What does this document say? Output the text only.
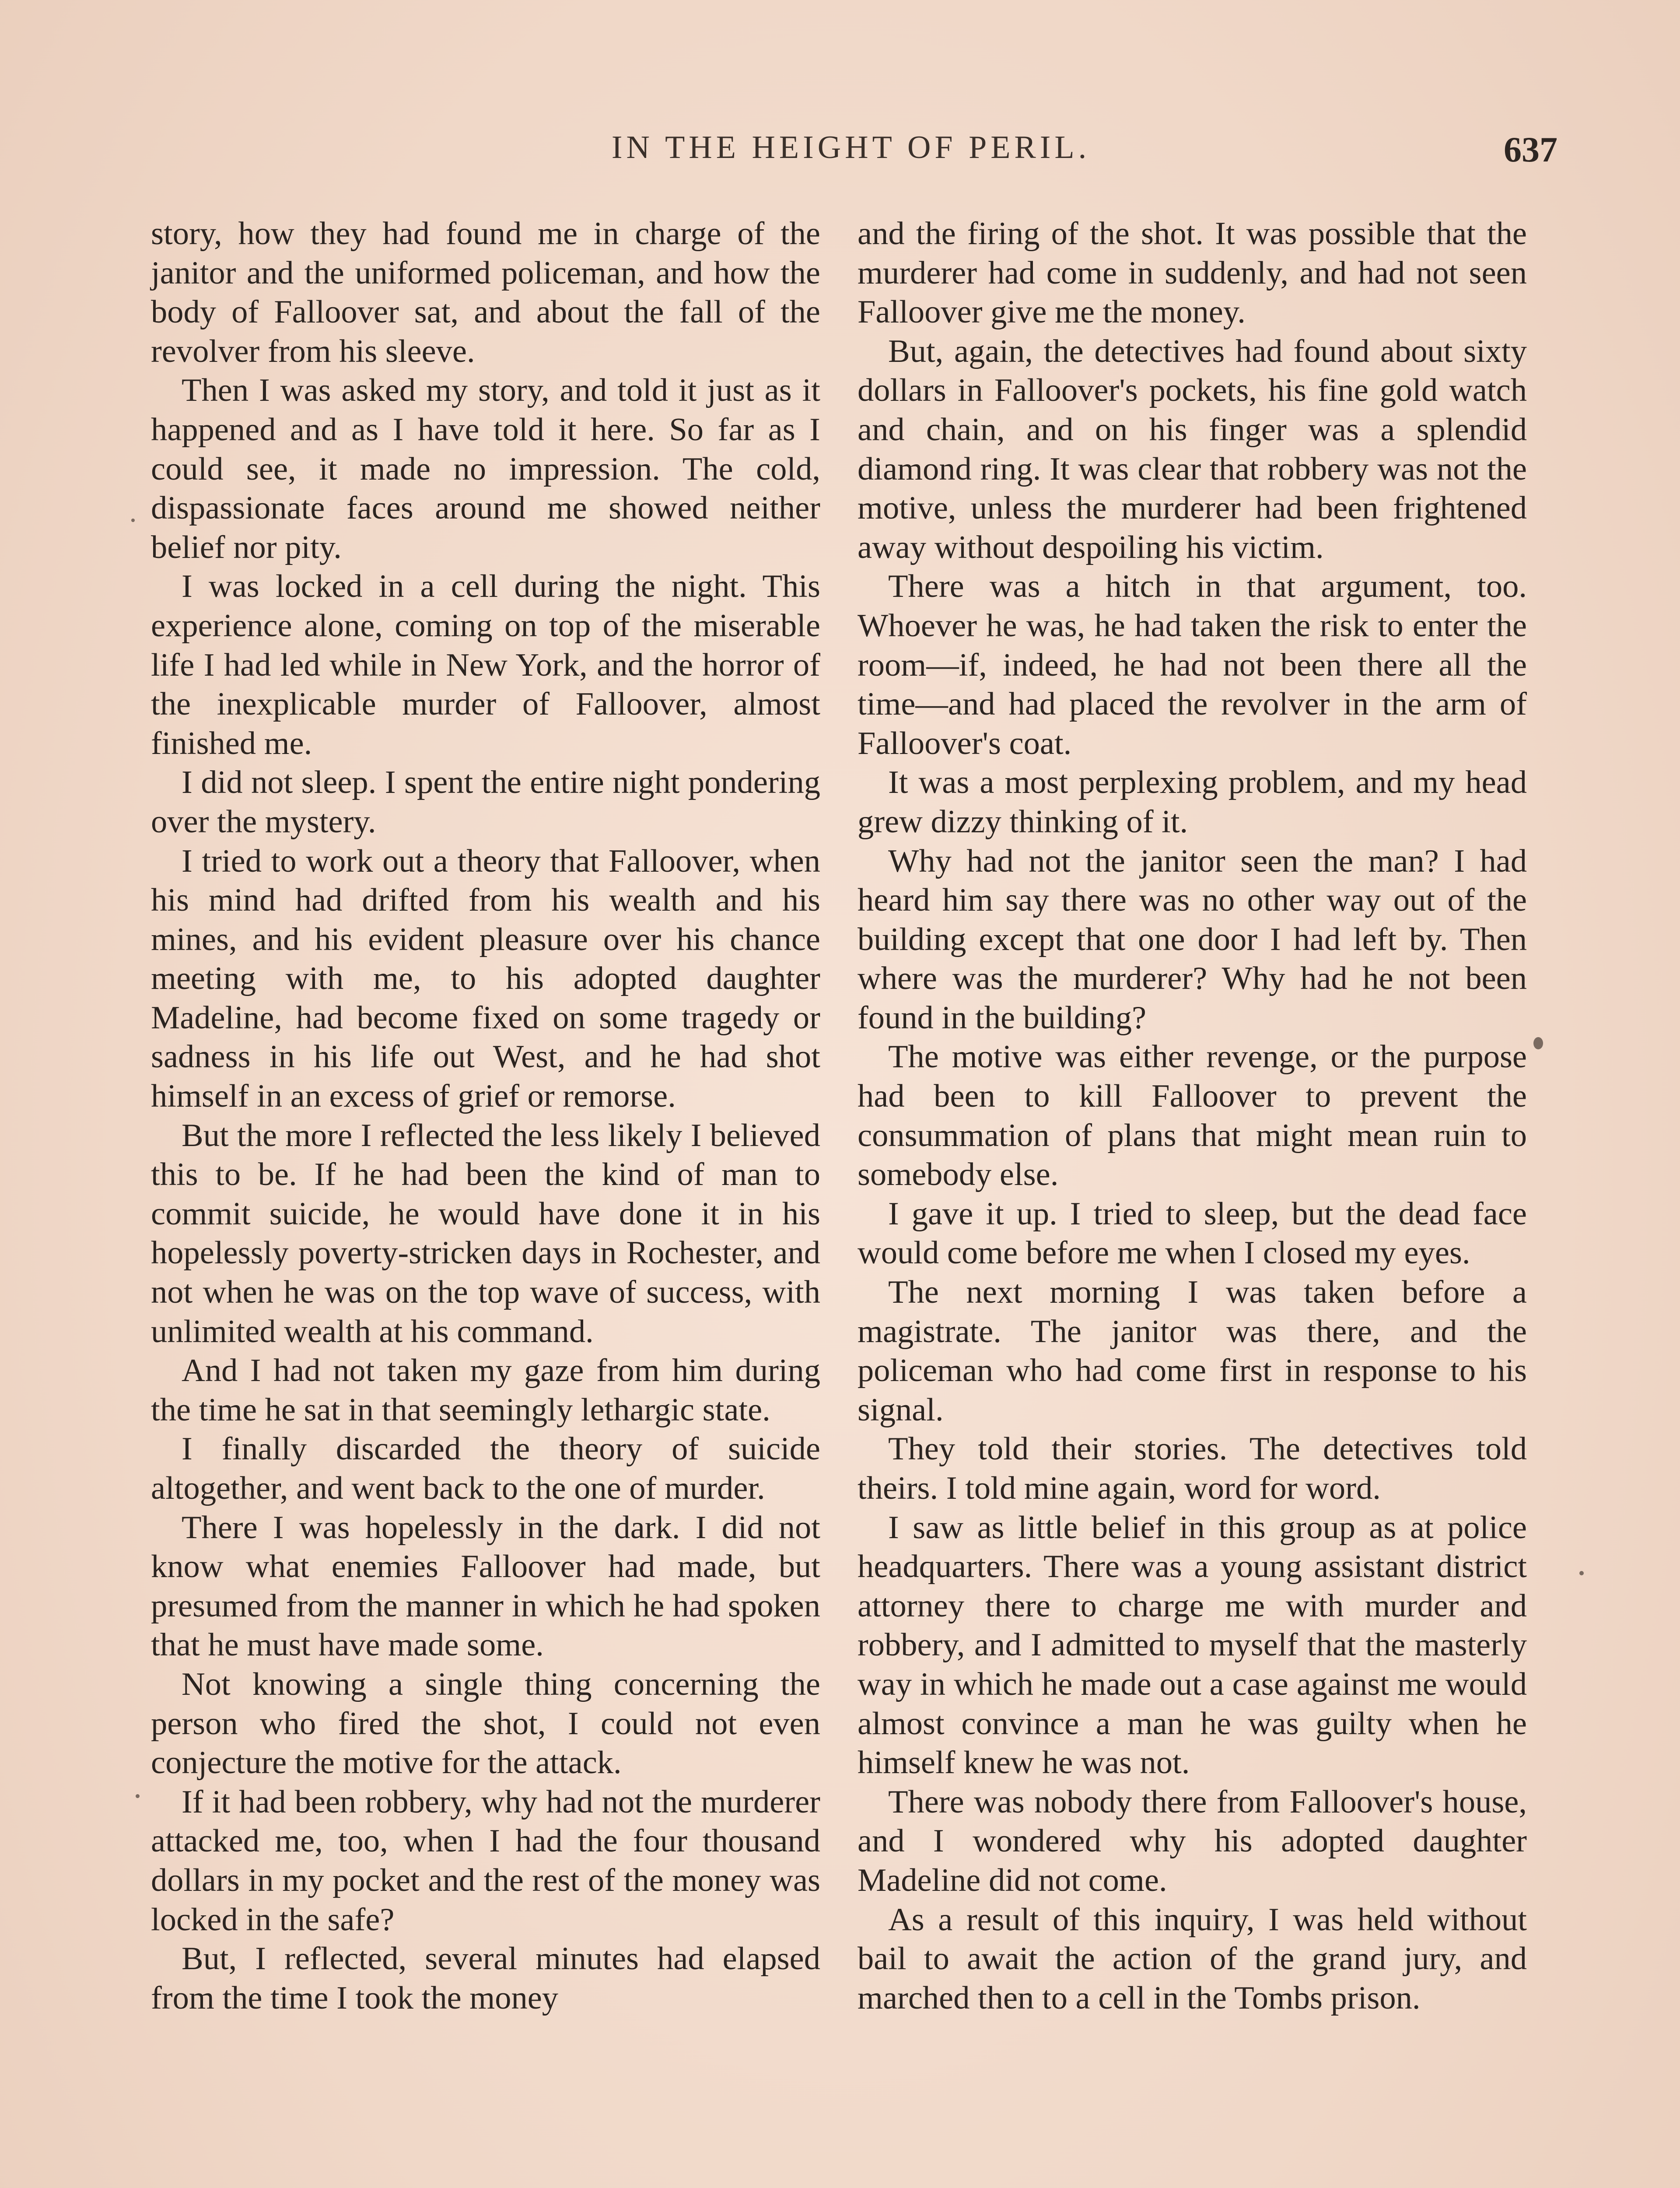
IN THE HEIGHT OF PERIL.	637

story, how they had found me in charge of the janitor and the uniformed policeman, and how the body of Falloover sat, and about the fall of the revolver from his sleeve.

Then I was asked my story, and told it just as it happened and as I have told it here. So far as I could see, it made no impression. The cold, dispassionate faces around me showed neither belief nor pity.

I was locked in a cell during the night. This experience alone, coming on top of the miserable life I had led while in New York, and the horror of the inexplicable murder of Falloover, almost finished me.

I did not sleep. I spent the entire night pondering over the mystery.

I tried to work out a theory that Falloover, when his mind had drifted from his wealth and his mines, and his evident pleasure over his chance meeting with me, to his adopted daughter Madeline, had become fixed on some tragedy or sadness in his life out West, and he had shot himself in an excess of grief or remorse.

But the more I reflected the less likely I believed this to be. If he had been the kind of man to commit suicide, he would have done it in his hopelessly poverty-stricken days in Rochester, and not when he was on the top wave of success, with unlimited wealth at his command.

And I had not taken my gaze from him during the time he sat in that seemingly lethargic state.

I finally discarded the theory of suicide altogether, and went back to the one of murder.

There I was hopelessly in the dark. I did not know what enemies Falloover had made, but presumed from the manner in which he had spoken that he must have made some.

Not knowing a single thing concerning the person who fired the shot, I could not even conjecture the motive for the attack.

If it had been robbery, why had not the murderer attacked me, too, when I had the four thousand dollars in my pocket and the rest of the money was locked in the safe?

But, I reflected, several minutes had elapsed from the time I took the money

and the firing of the shot. It was possible that the murderer had come in suddenly, and had not seen Falloover give me the money.

But, again, the detectives had found about sixty dollars in Falloover's pockets, his fine gold watch and chain, and on his finger was a splendid diamond ring. It was clear that robbery was not the motive, unless the murderer had been frightened away without despoiling his victim.

There was a hitch in that argument, too. Whoever he was, he had taken the risk to enter the room—if, indeed, he had not been there all the time—and had placed the revolver in the arm of Falloover's coat.

It was a most perplexing problem, and my head grew dizzy thinking of it.

Why had not the janitor seen the man? I had heard him say there was no other way out of the building except that one door I had left by. Then where was the murderer? Why had he not been found in the building?

The motive was either revenge, or the purpose had been to kill Falloover to prevent the consummation of plans that might mean ruin to somebody else.

I gave it up. I tried to sleep, but the dead face would come before me when I closed my eyes.

The next morning I was taken before a magistrate. The janitor was there, and the policeman who had come first in response to his signal.

They told their stories. The detectives told theirs. I told mine again, word for word.

I saw as little belief in this group as at police headquarters. There was a young assistant district attorney there to charge me with murder and robbery, and I admitted to myself that the masterly way in which he made out a case against me would almost convince a man he was guilty when he himself knew he was not.

There was nobody there from Falloover's house, and I wondered why his adopted daughter Madeline did not come.

As a result of this inquiry, I was held without bail to await the action of the grand jury, and marched then to a cell in the Tombs prison.
